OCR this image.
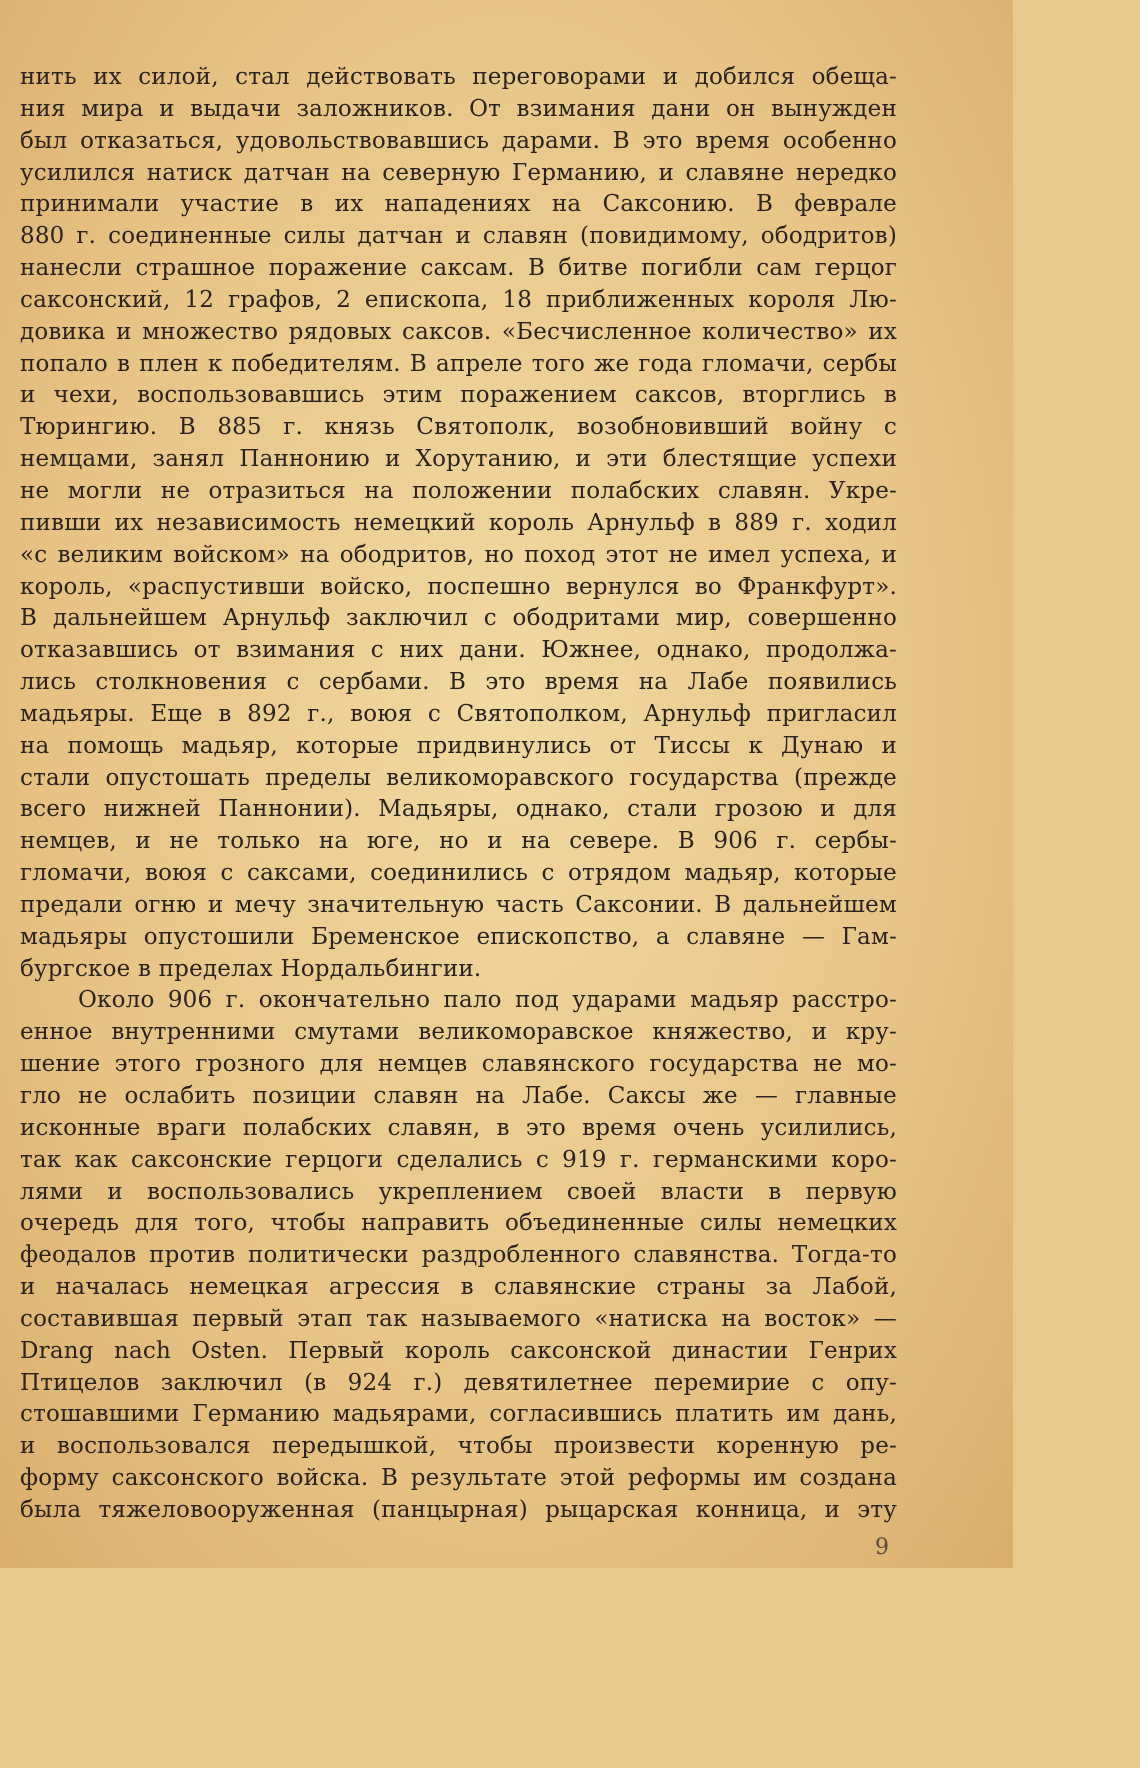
нить их силой, стал действовать переговорами и добился обеща-
ния мира и выдачи заложников. От взимания дани он вынужден
был отказаться, удовольствовавшись дарами. В это время особенно
усилился натиск датчан на северную Германию, и славяне нередко
принимали участие в их нападениях на Саксонию. В феврале
880 г. соединенные силы датчан и славян (повидимому, ободритов)
нанесли страшное поражение саксам. В битве погибли сам герцог
саксонский, 12 графов, 2 епископа, 18 приближенных короля Лю-
довика и множество рядовых саксов. «Бесчисленное количество» их
попало в плен к победителям. В апреле того же года гломачи, сербы
и чехи, воспользовавшись этим поражением саксов, вторглись в
Тюрингию. В 885 г. князь Святополк, возобновивший войну с
немцами, занял Паннонию и Хорутанию, и эти блестящие успехи
не могли не отразиться на положении полабских славян. Укре-
пивши их независимость немецкий король Арнульф в 889 г. ходил
«с великим войском» на ободритов, но поход этот не имел успеха, и
король, «распустивши войско, поспешно вернулся во Франкфурт».
В дальнейшем Арнульф заключил с ободритами мир, совершенно
отказавшись от взимания с них дани. Южнее, однако, продолжа-
лись столкновения с сербами. В это время на Лабе появились
мадьяры. Еще в 892 г., воюя с Святополком, Арнульф пригласил
на помощь мадьяр, которые придвинулись от Тиссы к Дунаю и
стали опустошать пределы великоморавского государства (прежде
всего нижней Паннонии). Мадьяры, однако, стали грозою и для
немцев, и не только на юге, но и на севере. В 906 г. сербы-
гломачи, воюя с саксами, соединились с отрядом мадьяр, которые
предали огню и мечу значительную часть Саксонии. В дальнейшем
мадьяры опустошили Бременское епископство, а славяне — Гам-
бургское в пределах Нордальбингии.
Около 906 г. окончательно пало под ударами мадьяр расстро-
енное внутренними смутами великоморавское княжество, и кру-
шение этого грозного для немцев славянского государства не мо-
гло не ослабить позиции славян на Лабе. Саксы же — главные
исконные враги полабских славян, в это время очень усилились,
так как саксонские герцоги сделались с 919 г. германскими коро-
лями и воспользовались укреплением своей власти в первую
очередь для того, чтобы направить объединенные силы немецких
феодалов против политически раздробленного славянства. Тогда-то
и началась немецкая агрессия в славянские страны за Лабой,
составившая первый этап так называемого «натиска на восток» —
Drang nach Osten. Первый король саксонской династии Генрих
Птицелов заключил (в 924 г.) девятилетнее перемирие с опу-
стошавшими Германию мадьярами, согласившись платить им дань,
и воспользовался передышкой, чтобы произвести коренную ре-
форму саксонского войска. В результате этой реформы им создана
была тяжеловооруженная (панцырная) рыцарская конница, и эту
9
